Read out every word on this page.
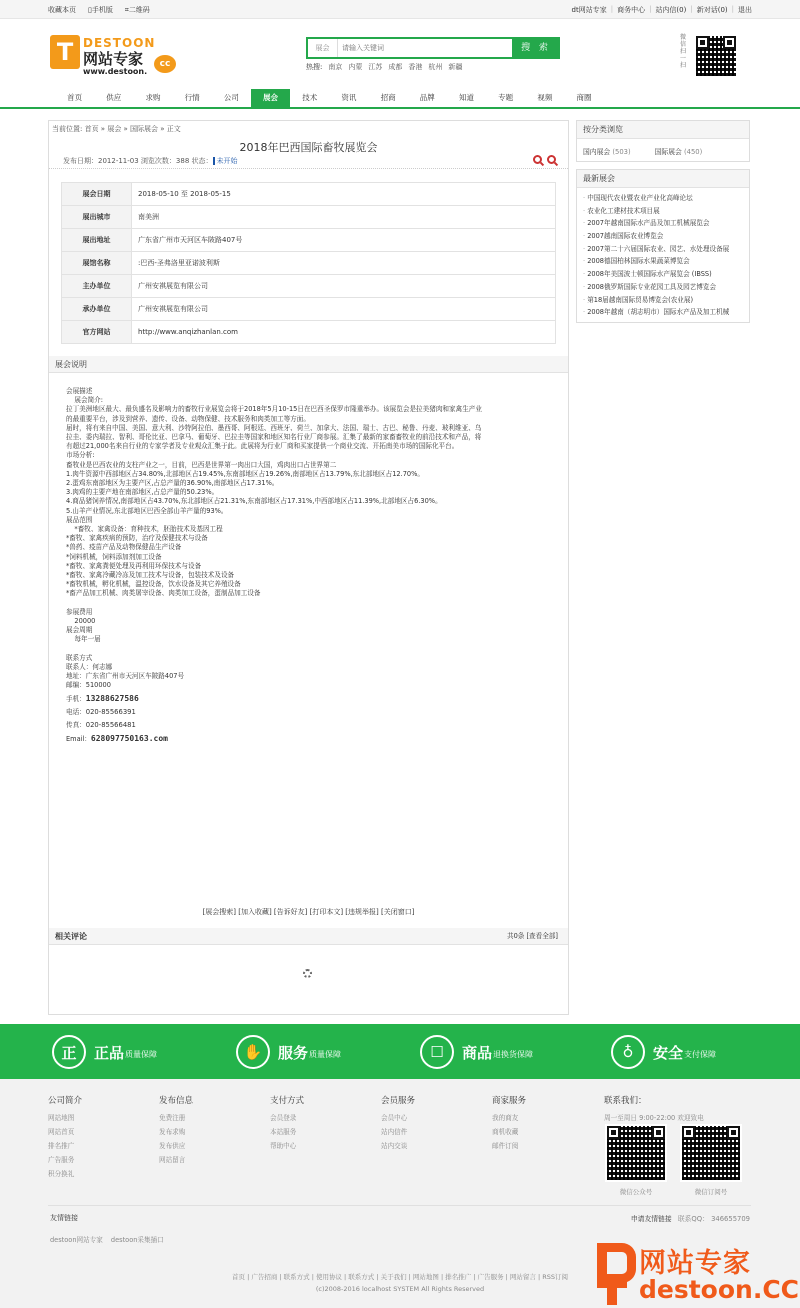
收藏本页 ▯手机版 ⌗二维码	dt网站专家 | 商务中心 | 站内信(0) | 新对话(0) | 退出
T DESTOON
网站专家
www.destoon.
cc
展会
请输入关键词	搜 索
热搜: 南京 内蒙 江苏 成都 香港 杭州 新疆
微信扫一扫
首页	供应	求购	行情	公司	展会	技术	资讯	招商	品牌	知道	专题	视频	商圈
当前位置: 首页 » 展会 » 国际展会 » 正文
2018年巴西国际畜牧展览会
发布日期：2012-11-03 浏览次数：388 状态： 未开始
展会日期	2018-05-10 至 2018-05-15
展出城市	南美洲
展出地址	广东省广州市天河区车陂路407号
展馆名称	:巴西-圣弗洛里亚诺波利斯
主办单位	广州安祺展览有限公司
承办单位	广州安祺展览有限公司
官方网站	http://www.anqizhanlan.com
展会说明

会展描述

展会简介:

拉丁美洲地区最大、最负盛名及影响力的畜牧行业展览会将于2018年5月10-15日在巴西圣保罗市隆重举办。该展览会是拉美猪肉和家禽生产业

的最重要平台，涉及到营养、遗传、设备、动物保健、技术服务和肉类加工等方面。

届时，将有来自中国、美国、意大利、沙特阿拉伯、墨西哥、阿根廷、西班牙、荷兰、加拿大、法国、瑞士、古巴、秘鲁、丹麦、玻利维亚、乌

拉圭、委内瑞拉、智利、哥伦比亚、巴拿马、葡萄牙、巴拉圭等国家和地区知名行业厂商参展。汇集了最新的家畜畜牧业的前沿技术和产品，将

有超过21,000名来自行业的专家学者及专业观众汇集于此。此展将为行业厂商和买家提供一个商业交流、开拓南美市场的国际化平台。

市场分析:

畜牧业是巴西农业的支柱产业之一，目前，巴西是世界第一肉出口大国，鸡肉出口占世界第二

1.肉牛资源中西部地区占34.80%,北部地区占19.45%,东南部地区占19.26%,南部地区占13.79%,东北部地区占12.70%。

2.蛋鸡东南部地区为主要产区,占总产量的36.90%,南部地区占17.31%。

3.肉鸡的主要产地在南部地区,占总产量的50.23%。

4.商品猪饲养情况,南部地区占43.70%,东北部地区占21.31%,东南部地区占17.31%,中西部地区占11.39%,北部地区占6.30%。

5.山羊产业情况,东北部地区巴西全部山羊产量的93%。

展品范围

*畜牧、家禽设备：育种技术，胚胎技术及基因工程

*畜牧、家禽疾病的预防，治疗及保健技术与设备

*兽药、疫苗产品及动物保健品生产设备

*饲料机械，饲料添加剂加工设备

*畜牧、家禽粪便处理及再利用环保技术与设备

*畜牧、家禽冷藏冷冻及加工技术与设备，包装技术及设备

*畜牧机械，孵化机械，温控设备，饮水设备及其它养殖设备

*畜产品加工机械、肉类屠宰设备、肉类加工设备，蛋制品加工设备

参展费用

20000

展会周期

每年一届

联系方式

联系人：何志娜

地址：广东省广州市天河区车陂路407号

邮编：510000

手机：13288627586
电话：020-85566391
传真：020-85566481
Email：628097750163.com
[展会搜索] [加入收藏] [告诉好友] [打印本文] [违规举报] [关闭窗口]
相关评论	共0条 [查看全部]
按分类浏览
国内展会 (503)	国际展会 (450)
最新展会
· 中国现代农业暨农业产业化高峰论坛
· 农业化工建材技术项目展
· 2007年越南国际水产品及加工机械展览会
· 2007越南国际农业博览会
· 2007第二十六届国际农业、园艺、水处理设备展
· 2008德国柏林国际水果蔬菜博览会
· 2008年美国波士顿国际水产展览会 (IBSS)
· 2008俄罗斯国际专业花园工具及园艺博览会
· 第18届越南国际贸易博览会(农业展)
· 2008年越南（胡志明市）国际水产品及加工机械
正	正品 质量保障	✋	服务 质量保障	☐	商品 退换货保障	♁	安全 支付保障
公司简介
网站地图
网站首页
排名推广
广告服务
积分换礼
发布信息
免费注册
发布求购
发布供应
网站留言
支付方式
会员登录
本站服务
帮助中心
会员服务
会员中心
站内信件
站内交谈
商家服务
我的商友
商机收藏
邮件订阅
联系我们：
周一至周日 9:00-22:00 欢迎致电
友情链接	申请友情链接 联系QQ： 346655709
destoon网站专家 destoon采集插口
微信公众号	微信订阅号
首页 | 广告招商 | 联系方式 | 使用协议 | 联系方式 | 关于我们 | 网站地图 | 排名推广 | 广告服务 | 网站留言 | RSS订阅
(c)2008-2016 localhost SYSTEM All Rights Reserved
网站专家
destoon.CC
